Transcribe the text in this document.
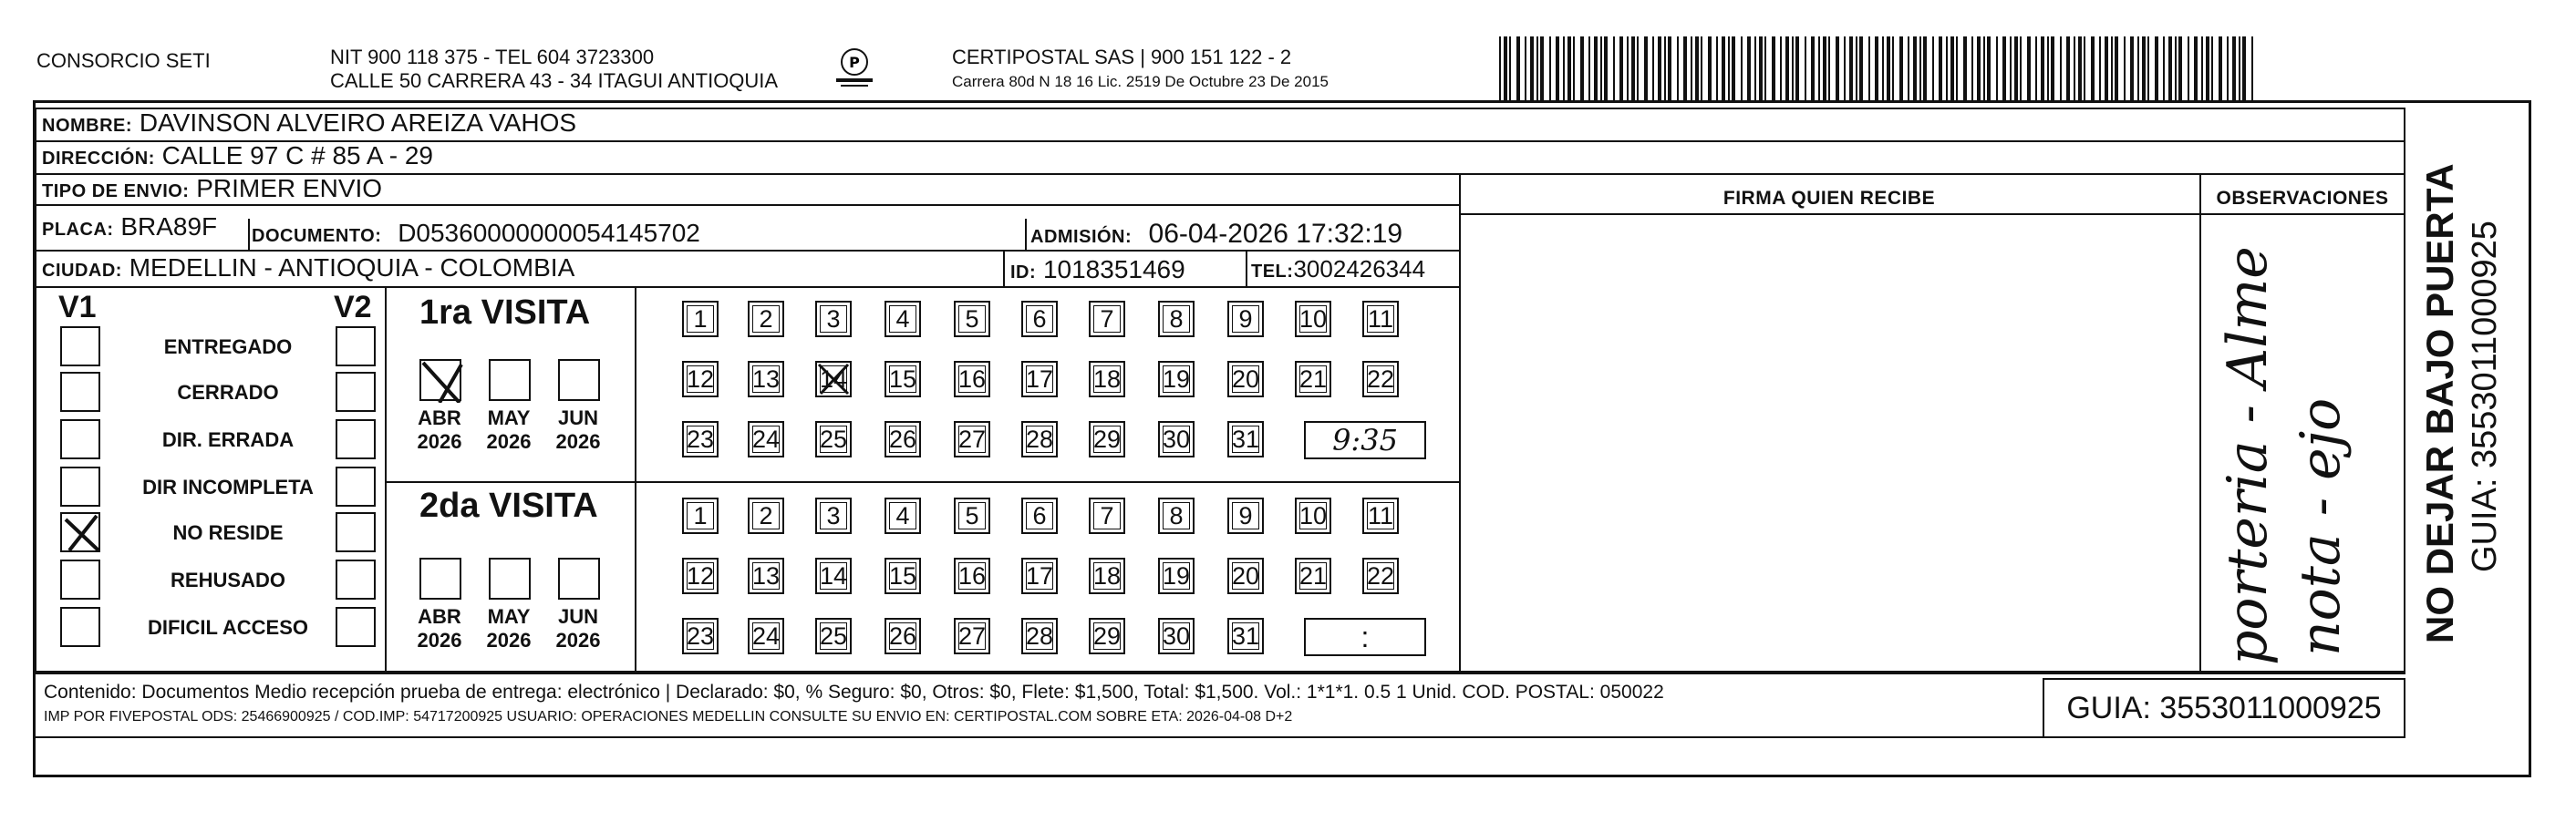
CONSORCIO SETI	NIT 900 118 375 - TEL 604 3723300
CALLE 50 CARRERA 43 - 34 ITAGUI ANTIOQUIA
P	CERTIPOSTAL SAS | 900 151 122 - 2
Carrera 80d N 18 16 Lic. 2519 De Octubre 23 De 2015
NOMBRE: DAVINSON ALVEIRO AREIZA VAHOS
DIRECCIÓN: CALLE 97 C # 85 A - 29
TIPO DE ENVIO: PRIMER ENVIO
PLACA: BRA89F	DOCUMENTO: D05360000000054145702	ADMISIÓN: 06-04-2026 17:32:19
CIUDAD: MEDELLIN - ANTIOQUIA - COLOMBIA	ID: 1018351469	TEL:3002426344
FIRMA QUIEN RECIBE	OBSERVACIONES
V1	V2
ENTREGADO
CERRADO
DIR. ERRADA
DIR INCOMPLETA
NO RESIDE
REHUSADO
DIFICIL ACCESO
1ra VISITA
2da VISITA
ABR
2026
MAY
2026
JUN
2026
1	2	3	4	5	6	7	8	9	10 11
12 13 14 15 16 17 18 19 20 21 22
23 24 25 26 27 28 29 30 31	9:35
ABR
2026
MAY
2026
JUN
2026
1	2	3	4	5	6	7	8	9	10 11
12 13 14 15 16 17 18 19 20 21 22
23 24 25 26 27 28 29 30 31	:	porteria - Alme nota - ejo
Contenido: Documentos Medio recepción prueba de entrega: electrónico | Declarado: $0, % Seguro: $0, Otros: $0, Flete: $1,500, Total: $1,500. Vol.: 1*1*1. 0.5 1 Unid. COD. POSTAL: 050022
IMP POR FIVEPOSTAL ODS: 25466900925 / COD.IMP: 54717200925 USUARIO: OPERACIONES MEDELLIN CONSULTE SU ENVIO EN: CERTIPOSTAL.COM SOBRE ETA: 2026-04-08 D+2	GUIA: 3553011000925
NO DEJAR BAJO PUERTA GUIA: 3553011000925
